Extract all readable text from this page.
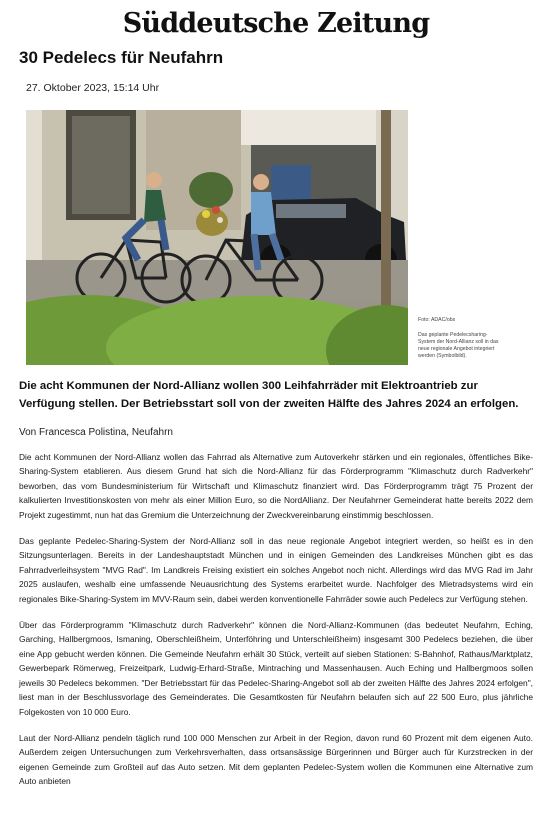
Süddeutsche Zeitung
30 Pedelecs für Neufahrn
27. Oktober 2023, 15:14 Uhr
Foto: ADAC/obs
Das geplante Pedelecsharing-System der Nord-Allianz soll in das neue regionale Angebot integriert werden (Symbolbild).
Die acht Kommunen der Nord-Allianz wollen 300 Leihfahrräder mit Elektroantrieb zur Verfügung stellen. Der Betriebsstart soll von der zweiten Hälfte des Jahres 2024 an erfolgen.
Von Francesca Polistina, Neufahrn

Die acht Kommunen der Nord-Allianz wollen das Fahrrad als Alternative zum Autoverkehr stärken und ein regionales, öffentliches Bike-Sharing-System etablieren. Aus diesem Grund hat sich die Nord-Allianz für das Förderprogramm "Klimaschutz durch Radverkehr" beworben, das vom Bundesministerium für Wirtschaft und Klimaschutz finanziert wird. Das Förderprogramm trägt 75 Prozent der kalkulierten Investitionskosten von mehr als einer Million Euro, so die NordAllianz. Der Neufahrner Gemeinderat hatte bereits 2022 dem Projekt zugestimmt, nun hat das Gremium die Unterzeichnung der Zweckvereinbarung einstimmig beschlossen.

Das geplante Pedelec-Sharing-System der Nord-Allianz soll in das neue regionale Angebot integriert werden, so heißt es in den Sitzungsunterlagen. Bereits in der Landeshauptstadt München und in einigen Gemeinden des Landkreises München gibt es das Fahrradverleihsystem "MVG Rad". Im Landkreis Freising existiert ein solches Angebot noch nicht. Allerdings wird das MVG Rad im Jahr 2025 auslaufen, weshalb eine umfassende Neuausrichtung des Systems erarbeitet wurde. Nachfolger des Mietradsystems wird ein regionales Bike-Sharing-System im MVV-Raum sein, dabei werden konventionelle Fahrräder sowie auch Pedelecs zur Verfügung stehen.

Über das Förderprogramm "Klimaschutz durch Radverkehr" können die Nord-Allianz-Kommunen (das bedeutet Neufahrn, Eching, Garching, Hallbergmoos, Ismaning, Oberschleißheim, Unterföhring und Unterschleißheim) insgesamt 300 Pedelecs beziehen, die über eine App gebucht werden können. Die Gemeinde Neufahrn erhält 30 Stück, verteilt auf sieben Stationen: S-Bahnhof, Rathaus/Marktplatz, Gewerbepark Römerweg, Freizeitpark, Ludwig-Erhard-Straße, Mintraching und Massenhausen. Auch Eching und Hallbergmoos sollen jeweils 30 Pedelecs bekommen. "Der Betriebsstart für das Pedelec-Sharing-Angebot soll ab der zweiten Hälfte des Jahres 2024 erfolgen", liest man in der Beschlussvorlage des Gemeinderates. Die Gesamtkosten für Neufahrn belaufen sich auf 22 500 Euro, plus jährliche Folgekosten von 10 000 Euro.

Laut der Nord-Allianz pendeln täglich rund 100 000 Menschen zur Arbeit in der Region, davon rund 60 Prozent mit dem eigenen Auto. Außerdem zeigen Untersuchungen zum Verkehrsverhalten, dass ortsansässige Bürgerinnen und Bürger auch für Kurzstrecken in der eigenen Gemeinde zum Großteil auf das Auto setzen. Mit dem geplanten Pedelec-System wollen die Kommunen eine Alternative zum Auto anbieten
